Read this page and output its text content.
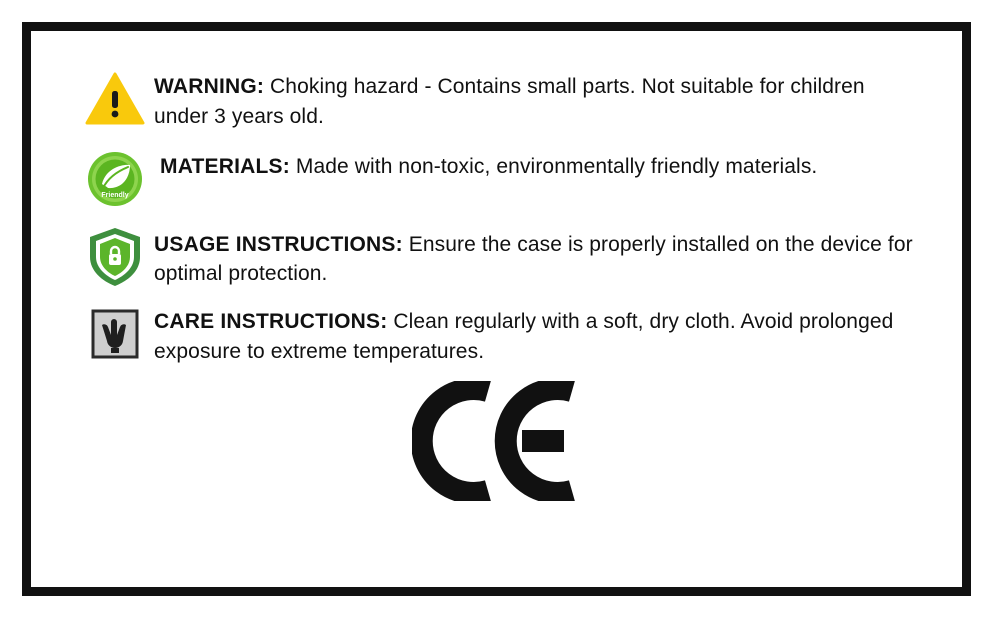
WARNING: Choking hazard - Contains small parts. Not suitable for children under 3 years old.
Friendly
MATERIALS: Made with non-toxic, environmentally friendly materials.
USAGE INSTRUCTIONS: Ensure the case is properly installed on the device for optimal protection.
CARE INSTRUCTIONS: Clean regularly with a soft, dry cloth. Avoid prolonged exposure to extreme temperatures.
